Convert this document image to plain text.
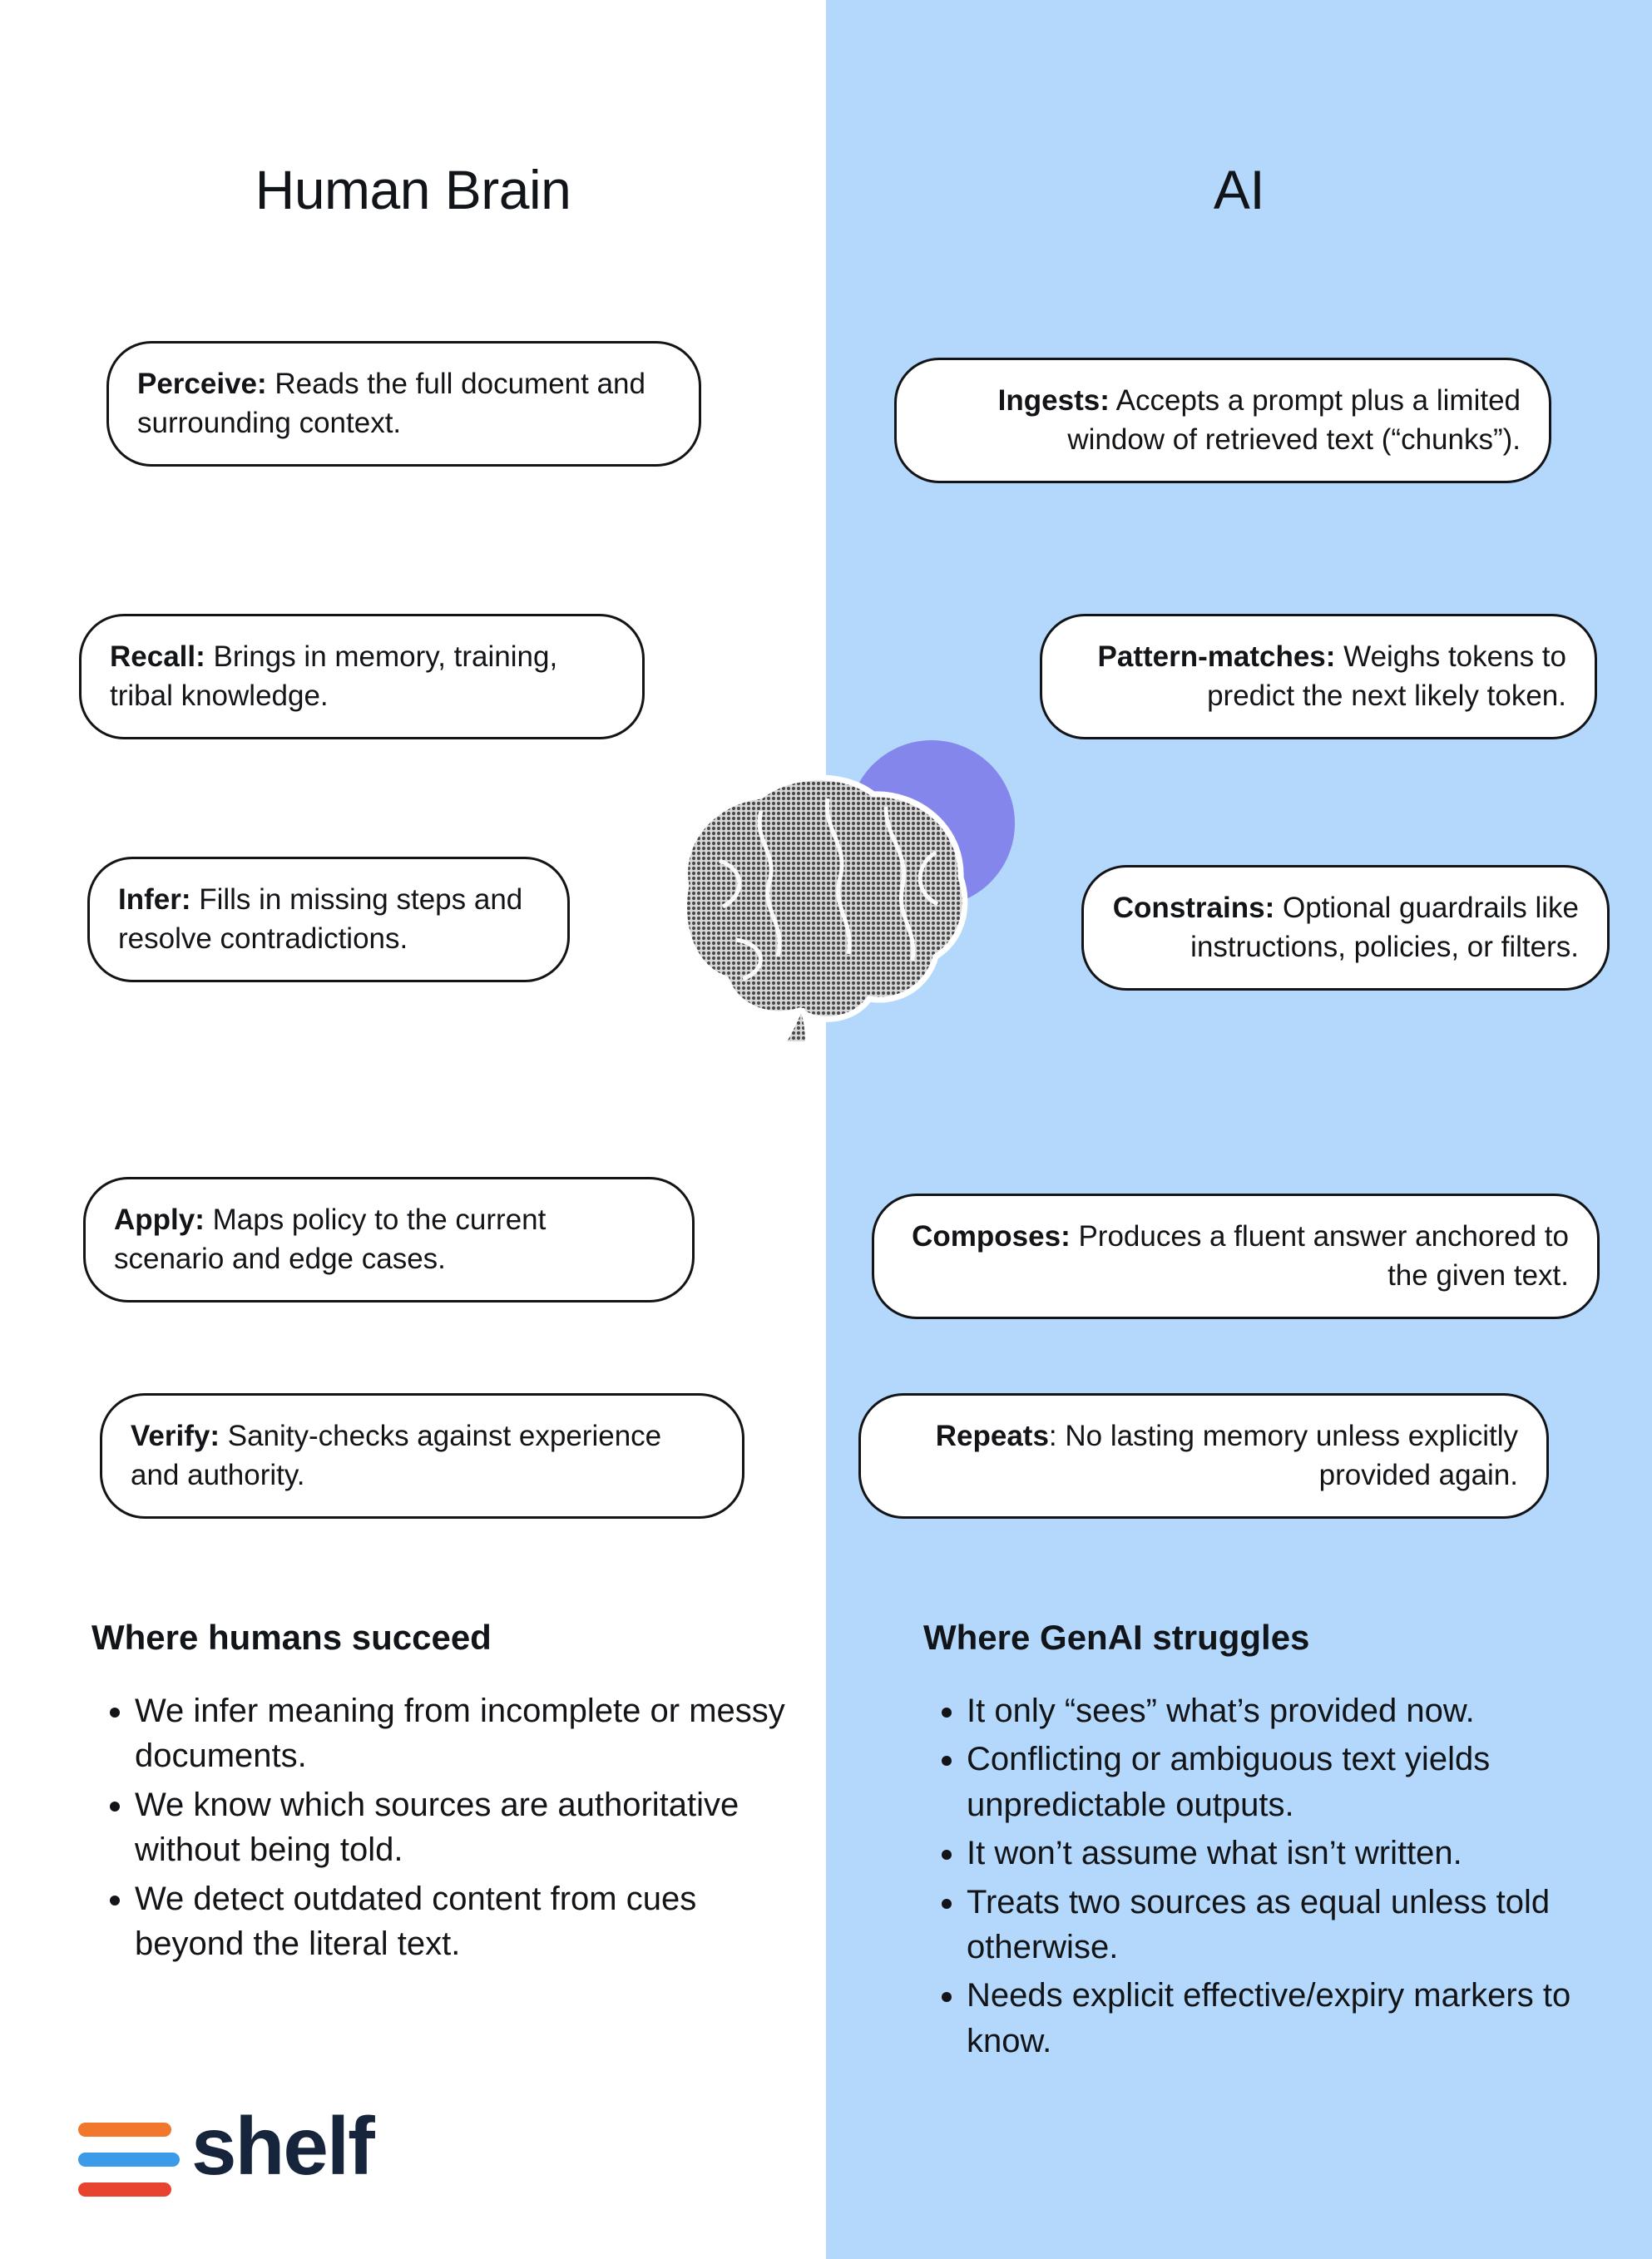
Human Brain	AI
Perceive: Reads the full document and surrounding context.
Recall: Brings in memory, training, tribal knowledge.
Infer: Fills in missing steps and resolve contradictions.
Apply: Maps policy to the current scenario and edge cases.
Verify: Sanity-checks against experience and authority.
Ingests: Accepts a prompt plus a limited window of retrieved text (“chunks”).
Pattern-matches: Weighs tokens to predict the next likely token.
Constrains: Optional guardrails like instructions, policies, or filters.
Composes: Produces a fluent answer anchored to the given text.
Repeats: No lasting memory unless explicitly provided again.
Where humans succeed
• We infer meaning from incomplete or messy documents.
• We know which sources are authoritative without being told.
• We detect outdated content from cues beyond the literal text.
Where GenAI struggles
• It only “sees” what’s provided now.
• Conflicting or ambiguous text yields unpredictable outputs.
• It won’t assume what isn’t written.
• Treats two sources as equal unless told otherwise.
• Needs explicit effective/expiry markers to know.
shelf
